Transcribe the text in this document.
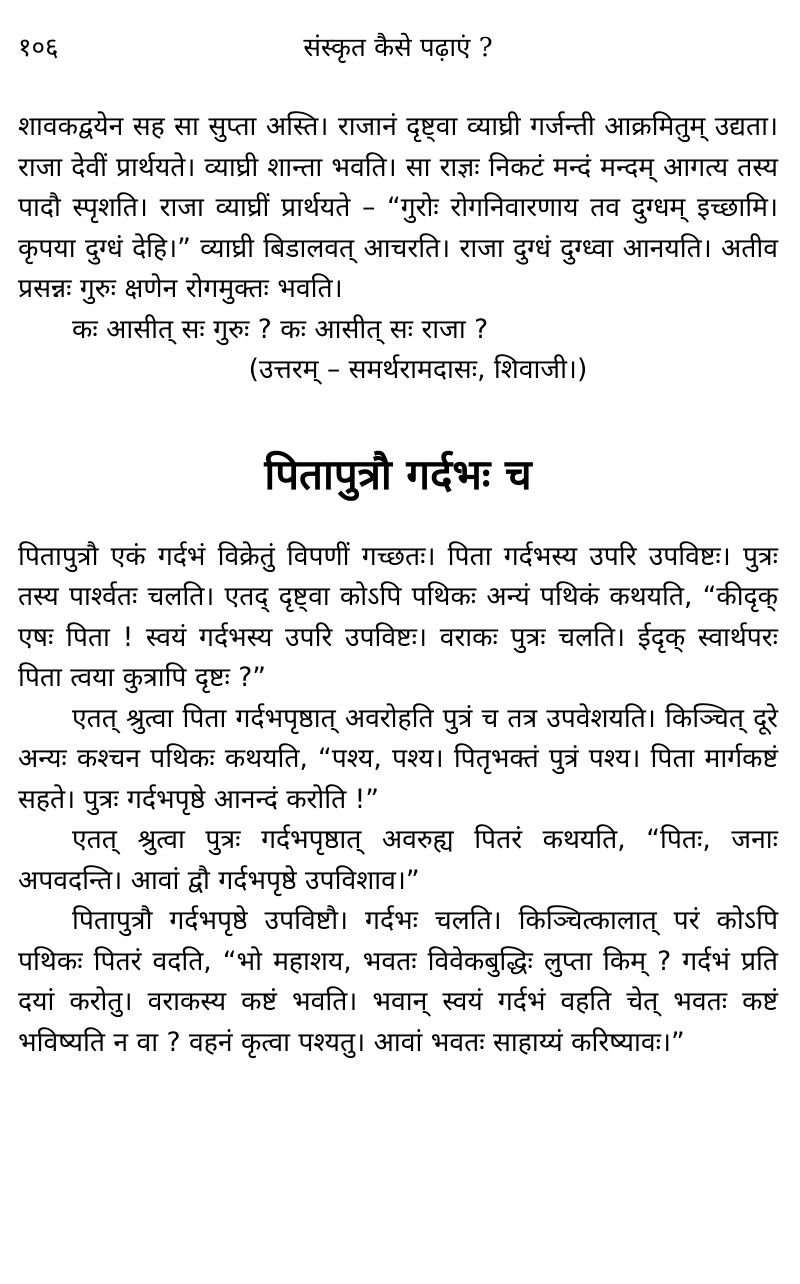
१०६	संस्कृत कैसे पढ़ाएं ?

शावकद्वयेन सह सा सुप्ता अस्ति। राजानं दृष्ट्वा व्याघ्री गर्जन्ती आक्रमितुम् उद्यता। राजा देवीं प्रार्थयते। व्याघ्री शान्ता भवति। सा राज्ञः निकटं मन्दं मन्दम् आगत्य तस्य पादौ स्पृशति। राजा व्याघ्रीं प्रार्थयते – “गुरोः रोगनिवारणाय तव दुग्धम् इच्छामि। कृपया दुग्धं देहि।” व्याघ्री बिडालवत् आचरति। राजा दुग्धं दुग्ध्वा आनयति। अतीव प्रसन्नः गुरुः क्षणेन रोगमुक्तः भवति।

कः आसीत् सः गुरुः ? कः आसीत् सः राजा ?

(उत्तरम् – समर्थरामदासः, शिवाजी।)

पितापुत्रौ गर्दभः च

पितापुत्रौ एकं गर्दभं विक्रेतुं विपणीं गच्छतः। पिता गर्दभस्य उपरि उपविष्टः। पुत्रः तस्य पार्श्वतः चलति। एतद् दृष्ट्वा कोऽपि पथिकः अन्यं पथिकं कथयति, “कीदृक् एषः पिता ! स्वयं गर्दभस्य उपरि उपविष्टः। वराकः पुत्रः चलति। ईदृक् स्वार्थपरः पिता त्वया कुत्रापि दृष्टः ?”

एतत् श्रुत्वा पिता गर्दभपृष्ठात् अवरोहति पुत्रं च तत्र उपवेशयति। किञ्चित् दूरे अन्यः कश्चन पथिकः कथयति, “पश्य, पश्य। पितृभक्तं पुत्रं पश्य। पिता मार्गकष्टं सहते। पुत्रः गर्दभपृष्ठे आनन्दं करोति !”

एतत् श्रुत्वा पुत्रः गर्दभपृष्ठात् अवरुह्य पितरं कथयति, “पितः, जनाः अपवदन्ति। आवां द्वौ गर्दभपृष्ठे उपविशाव।”

पितापुत्रौ गर्दभपृष्ठे उपविष्टौ। गर्दभः चलति। किञ्चित्कालात् परं कोऽपि पथिकः पितरं वदति, “भो महाशय, भवतः विवेकबुद्धिः लुप्ता किम् ? गर्दभं प्रति दयां करोतु। वराकस्य कष्टं भवति। भवान् स्वयं गर्दभं वहति चेत् भवतः कष्टं भविष्यति न वा ? वहनं कृत्वा पश्यतु। आवां भवतः साहाय्यं करिष्यावः।”
